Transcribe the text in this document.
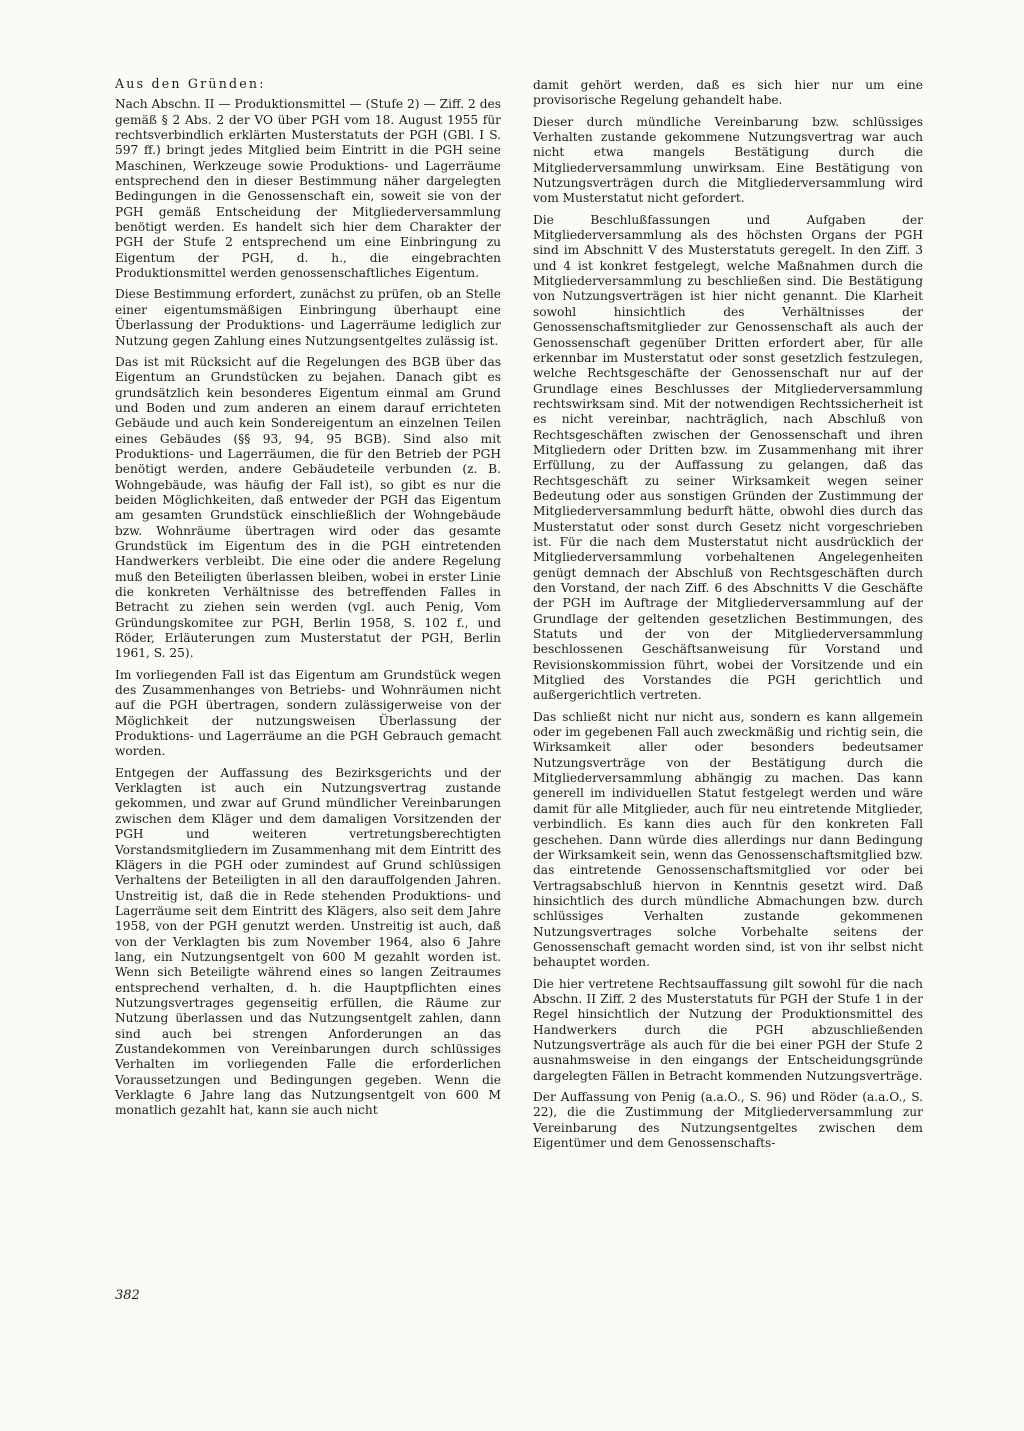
Aus den Gründen:

Nach Abschn. II — Produktionsmittel — (Stufe 2) — Ziff. 2 des gemäß § 2 Abs. 2 der VO über PGH vom 18. August 1955 für rechtsverbindlich erklärten Musterstatuts der PGH (GBl. I S. 597 ff.) bringt jedes Mitglied beim Eintritt in die PGH seine Maschinen, Werkzeuge sowie Produktions- und Lagerräume entsprechend den in dieser Bestimmung näher dargelegten Bedingungen in die Genossenschaft ein, soweit sie von der PGH gemäß Entscheidung der Mitgliederversammlung benötigt werden. Es handelt sich hier dem Charakter der PGH der Stufe 2 entsprechend um eine Einbringung zu Eigentum der PGH, d. h., die eingebrachten Produktionsmittel werden genossenschaftliches Eigentum.

Diese Bestimmung erfordert, zunächst zu prüfen, ob an Stelle einer eigentumsmäßigen Einbringung überhaupt eine Überlassung der Produktions- und Lagerräume lediglich zur Nutzung gegen Zahlung eines Nutzungsentgeltes zulässig ist.

Das ist mit Rücksicht auf die Regelungen des BGB über das Eigentum an Grundstücken zu bejahen. Danach gibt es grundsätzlich kein besonderes Eigentum einmal am Grund und Boden und zum anderen an einem darauf errichteten Gebäude und auch kein Sondereigentum an einzelnen Teilen eines Gebäudes (§§ 93, 94, 95 BGB). Sind also mit Produktions- und Lagerräumen, die für den Betrieb der PGH benötigt werden, andere Gebäudeteile verbunden (z. B. Wohngebäude, was häufig der Fall ist), so gibt es nur die beiden Möglichkeiten, daß entweder der PGH das Eigentum am gesamten Grundstück einschließlich der Wohngebäude bzw. Wohnräume übertragen wird oder das gesamte Grundstück im Eigentum des in die PGH eintretenden Handwerkers verbleibt. Die eine oder die andere Regelung muß den Beteiligten überlassen bleiben, wobei in erster Linie die konkreten Verhältnisse des betreffenden Falles in Betracht zu ziehen sein werden (vgl. auch Penig, Vom Gründungskomitee zur PGH, Berlin 1958, S. 102 f., und Röder, Erläuterungen zum Musterstatut der PGH, Berlin 1961, S. 25).

Im vorliegenden Fall ist das Eigentum am Grundstück wegen des Zusammenhanges von Betriebs- und Wohnräumen nicht auf die PGH übertragen, sondern zulässigerweise von der Möglichkeit der nutzungsweisen Überlassung der Produktions- und Lagerräume an die PGH Gebrauch gemacht worden.

Entgegen der Auffassung des Bezirksgerichts und der Verklagten ist auch ein Nutzungsvertrag zustande gekommen, und zwar auf Grund mündlicher Vereinbarungen zwischen dem Kläger und dem damaligen Vorsitzenden der PGH und weiteren vertretungsberechtigten Vorstandsmitgliedern im Zusammenhang mit dem Eintritt des Klägers in die PGH oder zumindest auf Grund schlüssigen Verhaltens der Beteiligten in all den darauffolgenden Jahren. Unstreitig ist, daß die in Rede stehenden Produktions- und Lagerräume seit dem Eintritt des Klägers, also seit dem Jahre 1958, von der PGH genutzt werden. Unstreitig ist auch, daß von der Verklagten bis zum November 1964, also 6 Jahre lang, ein Nutzungsentgelt von 600 M gezahlt worden ist. Wenn sich Beteiligte während eines so langen Zeitraumes entsprechend verhalten, d. h. die Hauptpflichten eines Nutzungsvertrages gegenseitig erfüllen, die Räume zur Nutzung überlassen und das Nutzungsentgelt zahlen, dann sind auch bei strengen Anforderungen an das Zustandekommen von Vereinbarungen durch schlüssiges Verhalten im vorliegenden Falle die erforderlichen Voraussetzungen und Bedingungen gegeben. Wenn die Verklagte 6 Jahre lang das Nutzungsentgelt von 600 M monatlich gezahlt hat, kann sie auch nicht

damit gehört werden, daß es sich hier nur um eine provisorische Regelung gehandelt habe.

Dieser durch mündliche Vereinbarung bzw. schlüssiges Verhalten zustande gekommene Nutzungsvertrag war auch nicht etwa mangels Bestätigung durch die Mitgliederversammlung unwirksam. Eine Bestätigung von Nutzungsverträgen durch die Mitgliederversammlung wird vom Musterstatut nicht gefordert.

Die Beschlußfassungen und Aufgaben der Mitgliederversammlung als des höchsten Organs der PGH sind im Abschnitt V des Musterstatuts geregelt. In den Ziff. 3 und 4 ist konkret festgelegt, welche Maßnahmen durch die Mitgliederversammlung zu beschließen sind. Die Bestätigung von Nutzungsverträgen ist hier nicht genannt. Die Klarheit sowohl hinsichtlich des Verhältnisses der Genossenschaftsmitglieder zur Genossenschaft als auch der Genossenschaft gegenüber Dritten erfordert aber, für alle erkennbar im Musterstatut oder sonst gesetzlich festzulegen, welche Rechtsgeschäfte der Genossenschaft nur auf der Grundlage eines Beschlusses der Mitgliederversammlung rechtswirksam sind. Mit der notwendigen Rechtssicherheit ist es nicht vereinbar, nachträglich, nach Abschluß von Rechtsgeschäften zwischen der Genossenschaft und ihren Mitgliedern oder Dritten bzw. im Zusammenhang mit ihrer Erfüllung, zu der Auffassung zu gelangen, daß das Rechtsgeschäft zu seiner Wirksamkeit wegen seiner Bedeutung oder aus sonstigen Gründen der Zustimmung der Mitgliederversammlung bedurft hätte, obwohl dies durch das Musterstatut oder sonst durch Gesetz nicht vorgeschrieben ist. Für die nach dem Musterstatut nicht ausdrücklich der Mitgliederversammlung vorbehaltenen Angelegenheiten genügt demnach der Abschluß von Rechtsgeschäften durch den Vorstand, der nach Ziff. 6 des Abschnitts V die Geschäfte der PGH im Auftrage der Mitgliederversammlung auf der Grundlage der geltenden gesetzlichen Bestimmungen, des Statuts und der von der Mitgliederversammlung beschlossenen Geschäftsanweisung für Vorstand und Revisionskommission führt, wobei der Vorsitzende und ein Mitglied des Vorstandes die PGH gerichtlich und außergerichtlich vertreten.

Das schließt nicht nur nicht aus, sondern es kann allgemein oder im gegebenen Fall auch zweckmäßig und richtig sein, die Wirksamkeit aller oder besonders bedeutsamer Nutzungsverträge von der Bestätigung durch die Mitgliederversammlung abhängig zu machen. Das kann generell im individuellen Statut festgelegt werden und wäre damit für alle Mitglieder, auch für neu eintretende Mitglieder, verbindlich. Es kann dies auch für den konkreten Fall geschehen. Dann würde dies allerdings nur dann Bedingung der Wirksamkeit sein, wenn das Genossenschaftsmitglied bzw. das eintretende Genossenschaftsmitglied vor oder bei Vertragsabschluß hiervon in Kenntnis gesetzt wird. Daß hinsichtlich des durch mündliche Abmachungen bzw. durch schlüssiges Verhalten zustande gekommenen Nutzungsvertrages solche Vorbehalte seitens der Genossenschaft gemacht worden sind, ist von ihr selbst nicht behauptet worden.

Die hier vertretene Rechtsauffassung gilt sowohl für die nach Abschn. II Ziff. 2 des Musterstatuts für PGH der Stufe 1 in der Regel hinsichtlich der Nutzung der Produktionsmittel des Handwerkers durch die PGH abzuschließenden Nutzungsverträge als auch für die bei einer PGH der Stufe 2 ausnahmsweise in den eingangs der Entscheidungsgründe dargelegten Fällen in Betracht kommenden Nutzungsverträge.

Der Auffassung von Penig (a.a.O., S. 96) und Röder (a.a.O., S. 22), die die Zustimmung der Mitgliederversammlung zur Vereinbarung des Nutzungsentgeltes zwischen dem Eigentümer und dem Genossenschafts-

382
